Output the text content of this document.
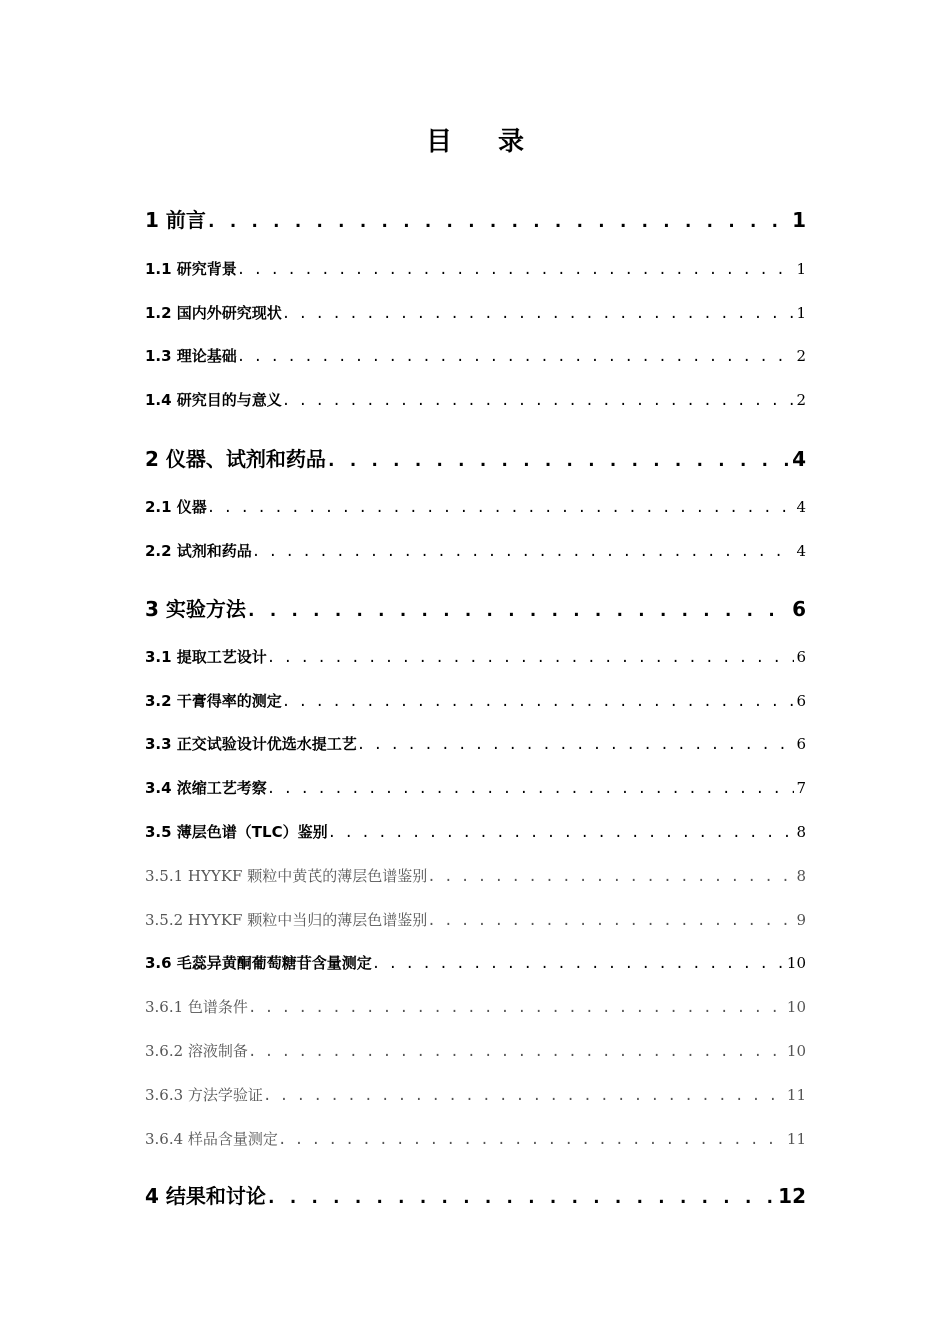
目 录
1 前言 . . .	1
1.1 研究背景 . . .	1
1.2 国内外研究现状 . . .	1
1.3 理论基础 . . .	2
1.4 研究目的与意义 . . .	2
2 仪器、试剂和药品 . . .	4
2.1 仪器 . . .	4
2.2 试剂和药品 . . .	4
3 实验方法 . . .	6
3.1 提取工艺设计 . . .	6
3.2 干膏得率的测定 . . .	6
3.3 正交试验设计优选水提工艺 . . .	6
3.4 浓缩工艺考察 . . .	7
3.5 薄层色谱（TLC）鉴别 . . .	8
3.5.1 HYYKF 颗粒中黄芪的薄层色谱鉴别 . . .	8
3.5.2 HYYKF 颗粒中当归的薄层色谱鉴别 . . .	9
3.6 毛蕊异黄酮葡萄糖苷含量测定 . . .	10
3.6.1 色谱条件 . . .	10
3.6.2 溶液制备 . . .	10
3.6.3 方法学验证 . . .	11
3.6.4 样品含量测定 . . .	11
4 结果和讨论 . . .	12
